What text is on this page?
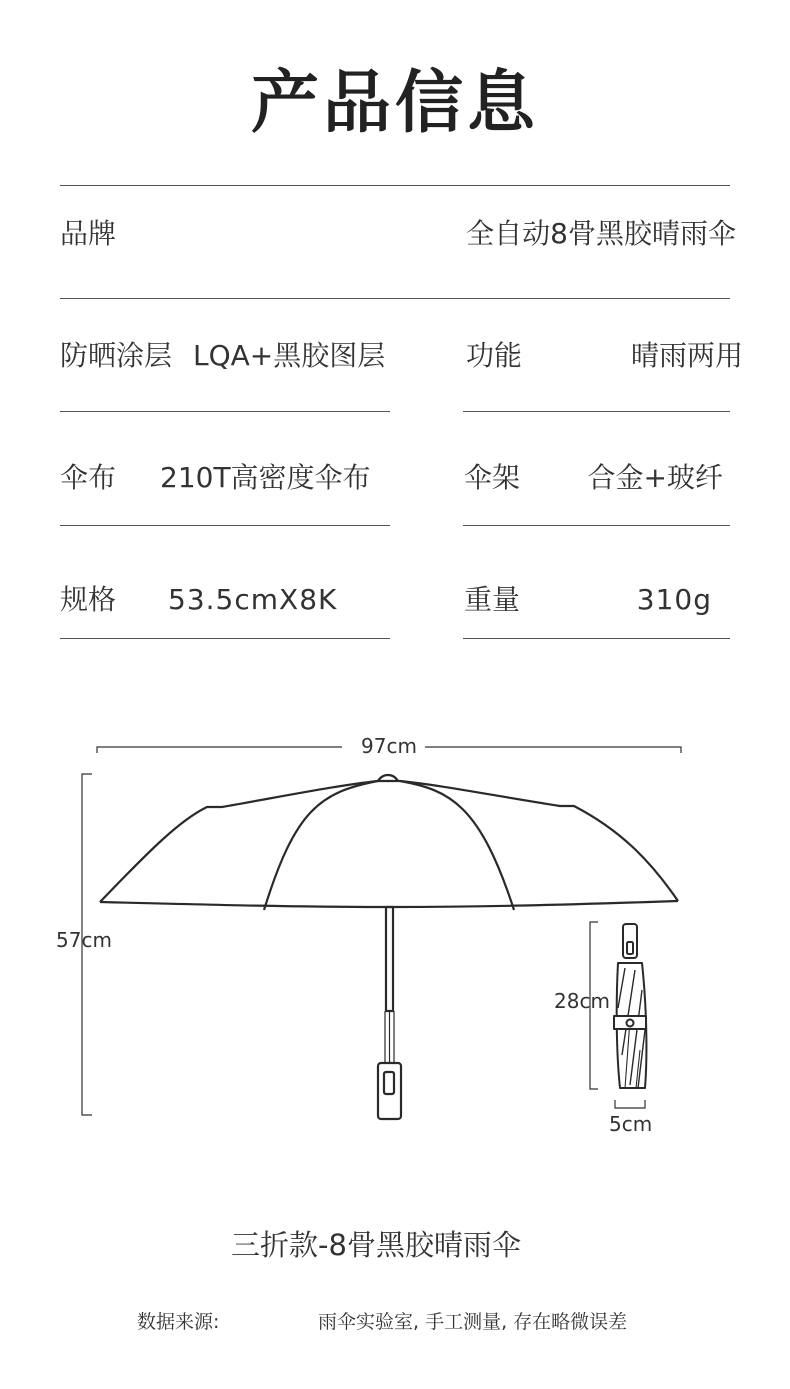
产品信息
品牌	全自动8骨黑胶晴雨伞
防晒涂层 LQA+黑胶图层	功能	晴雨两用
伞布 210T高密度伞布	伞架	合金+玻纤
规格 53.5cmX8K	重量	310g
97cm
57cm
28cm
5cm
三折款-8骨黑胶晴雨伞
数据来源:	雨伞实验室, 手工测量, 存在略微误差
